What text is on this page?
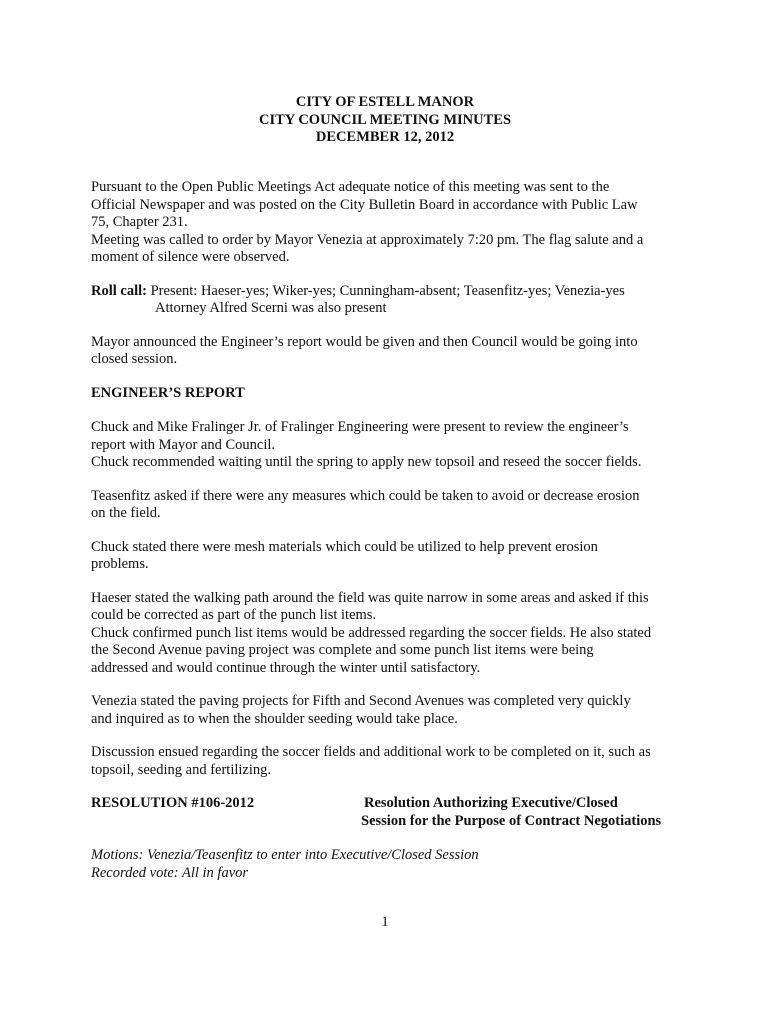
CITY OF ESTELL MANOR
CITY COUNCIL MEETING MINUTES
DECEMBER 12, 2012
Pursuant to the Open Public Meetings Act adequate notice of this meeting was sent to the
Official Newspaper and was posted on the City Bulletin Board in accordance with Public Law
75, Chapter 231.
Meeting was called to order by Mayor Venezia at approximately 7:20 pm. The flag salute and a
moment of silence were observed.
Roll call: Present: Haeser-yes; Wiker-yes; Cunningham-absent; Teasenfitz-yes; Venezia-yes
Attorney Alfred Scerni was also present
Mayor announced the Engineer’s report would be given and then Council would be going into
closed session.
ENGINEER’S REPORT
Chuck and Mike Fralinger Jr. of Fralinger Engineering were present to review the engineer’s
report with Mayor and Council.
Chuck recommended waiting until the spring to apply new topsoil and reseed the soccer fields.
Teasenfitz asked if there were any measures which could be taken to avoid or decrease erosion
on the field.
Chuck stated there were mesh materials which could be utilized to help prevent erosion
problems.
Haeser stated the walking path around the field was quite narrow in some areas and asked if this
could be corrected as part of the punch list items.
Chuck confirmed punch list items would be addressed regarding the soccer fields. He also stated
the Second Avenue paving project was complete and some punch list items were being
addressed and would continue through the winter until satisfactory.
Venezia stated the paving projects for Fifth and Second Avenues was completed very quickly
and inquired as to when the shoulder seeding would take place.
Discussion ensued regarding the soccer fields and additional work to be completed on it, such as
topsoil, seeding and fertilizing.
RESOLUTION #106-2012	Resolution Authorizing Executive/Closed
Session for the Purpose of Contract Negotiations
Motions: Venezia/Teasenfitz to enter into Executive/Closed Session
Recorded vote: All in favor
1
